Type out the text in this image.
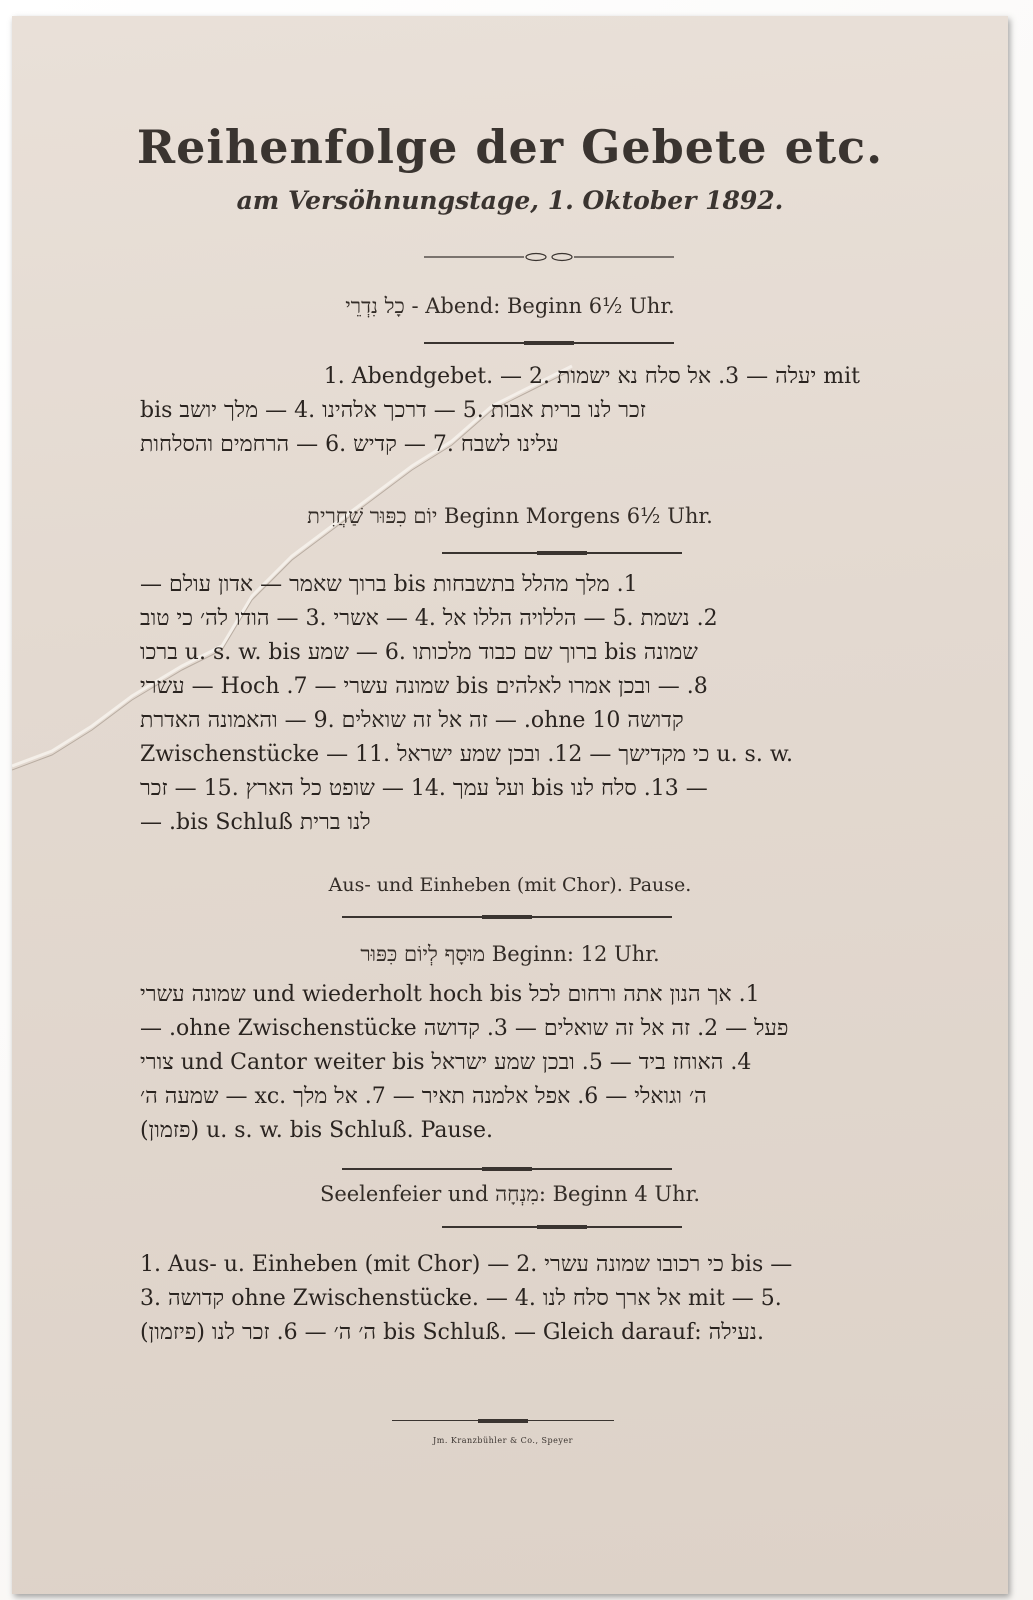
Reihenfolge der Gebete etc.
am Versöhnungstage, 1. Oktober 1892.
כָל נִדְרֵי - Abend: Beginn 6½ Uhr.
1. Abendgebet. — 2. יעלה — 3. אל סלח נא ישמות mit
זכר לנו ברית אבות .5 — דרכך אלהינו .4 — מלך יושב bis
עלינו לשבח .7 — קדיש .6 — הרחמים והסלחות
יוֹם כִפּוּר שַׁחֲרִית Beginn Morgens 6½ Uhr.
1. מלך מהלל בתשבחות bis ברוך שאמר — אדון עולם —
2. נשמת .5 — הללויה הללו אל .4 — אשרי .3 — הודו לה׳ כי טוב
שמונה bis ברוך שם כבוד מלכותו .6 — שמע u. s. w. bis ברכו
8. — ובכן אמרו לאלהים bis שמונה עשרי — 7. Hoch — עשרי
קדושה ohne 10. — זה אל זה שואלים .9 — והאמונה האדרת
Zwischenstücke — 11. כי מקדישך — 12. ובכן שמע ישראל u. s. w.
— 13. סלח לנו bis ועל עמך .14 — שופט כל הארץ .15 — זכר
לנו ברית bis Schluß. —
Aus- und Einheben (mit Chor). Pause.
מוּסָף לְיוֹם כִּפּוּר Beginn: 12 Uhr.
1. אך הנון אתה ורחום לכל und wiederholt hoch bis שמונה עשרי
פעל — 2. זה אל זה שואלים — 3. קדושה ohne Zwischenstücke. —
4. האוחז ביד — 5. ובכן שמע ישראל und Cantor weiter bis צורי
ה׳ וגואלי — 6. אפל אלמנה תאיר — 7. אל מלך .xc — שמעה ה׳
(פזמון) u. s. w. bis Schluß. Pause.
Seelenfeier und מִנְחָה: Beginn 4 Uhr.
1. Aus- u. Einheben (mit Chor) — 2. כי רכובו שמונה עשרי bis —
3. קדושה ohne Zwischenstücke. — 4. אל ארך סלח לנו mit — 5.
(פיזמון) ה׳ ה׳ — 6. זכר לנו bis Schluß. — Gleich darauf: נעילה.
Jm. Kranzbühler & Co., Speyer
